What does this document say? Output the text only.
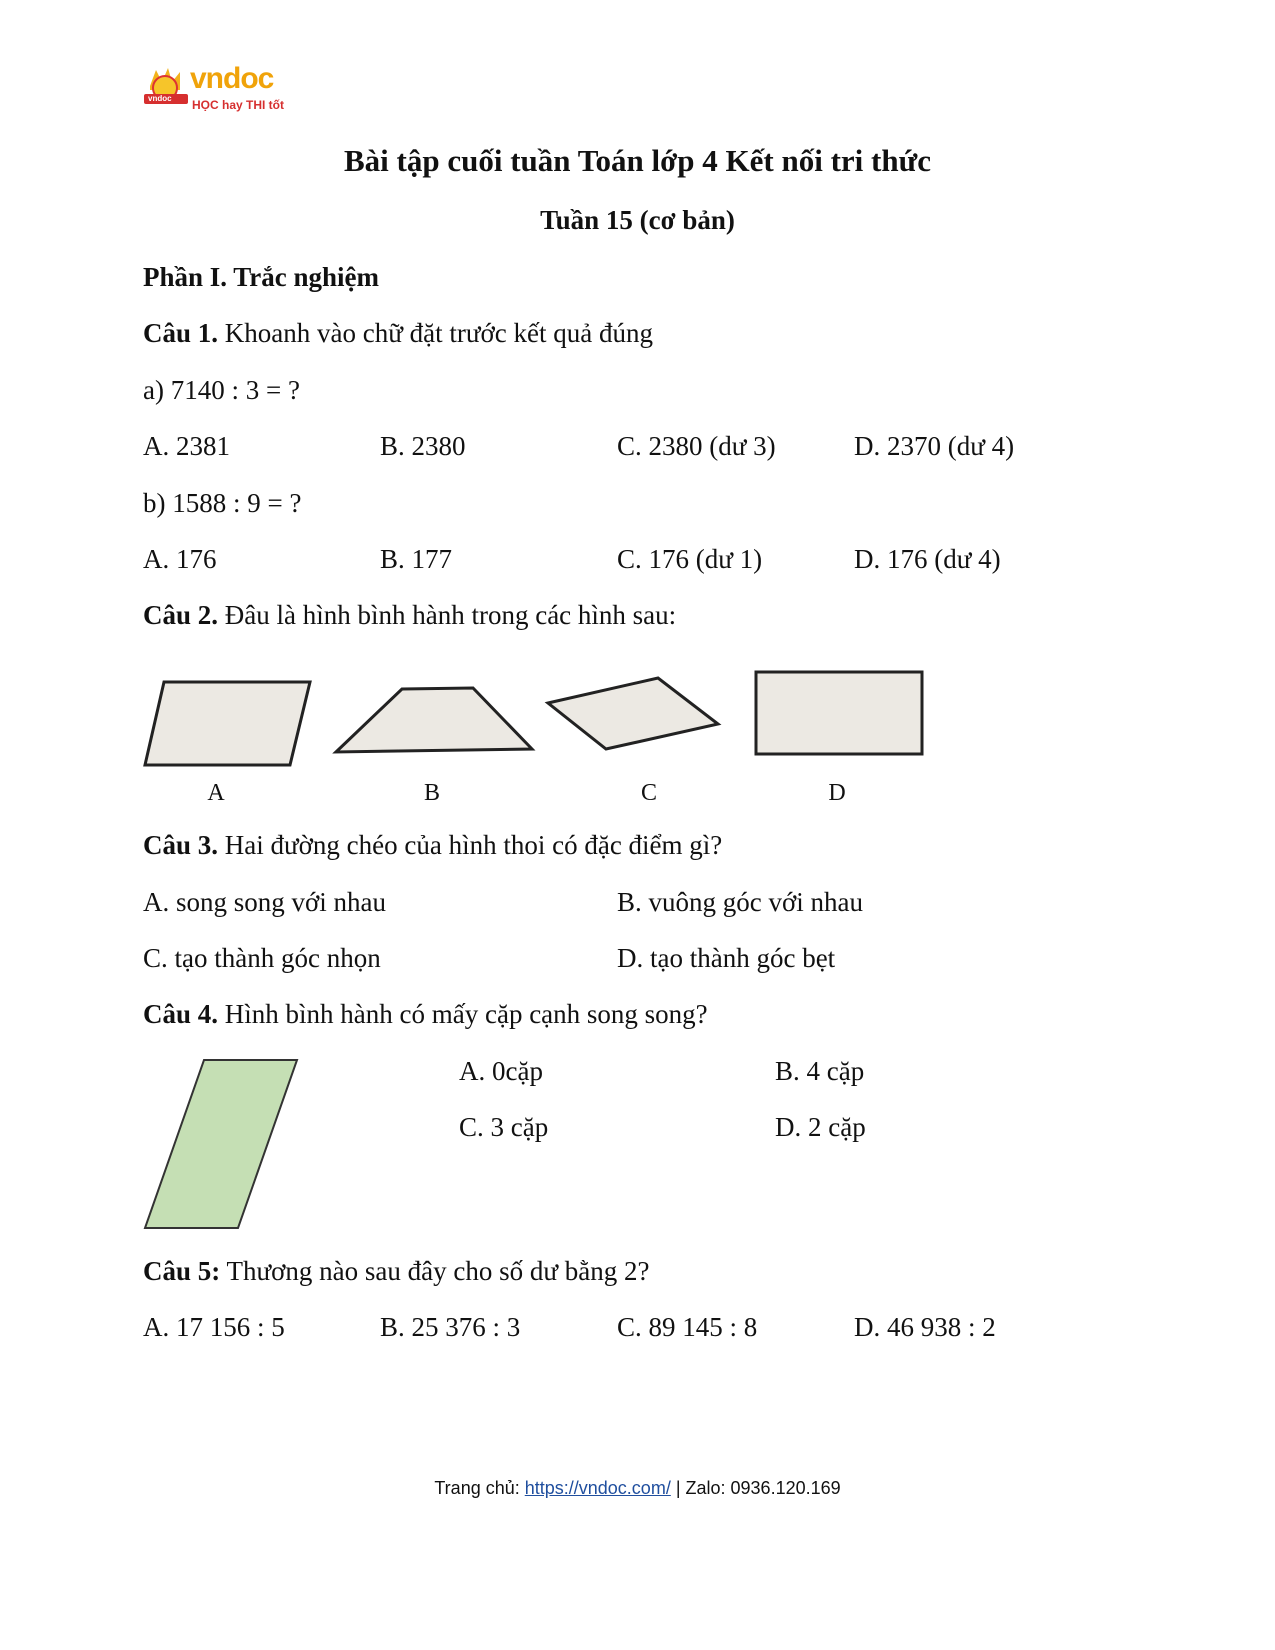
vndoc
vndoc
HỌC hay THI tốt
Bài tập cuối tuần Toán lớp 4 Kết nối tri thức
Tuần 15 (cơ bản)
Phần I. Trắc nghiệm
Câu 1. Khoanh vào chữ đặt trước kết quả đúng
a) 7140 : 3 = ?
A. 2381	B. 2380	C. 2380 (dư 3)	D. 2370 (dư 4)
b) 1588 : 9 = ?
A. 176	B. 177	C. 176 (dư 1)	D. 176 (dư 4)
Câu 2. Đâu là hình bình hành trong các hình sau:
A	B	C	D
Câu 3. Hai đường chéo của hình thoi có đặc điểm gì?
A. song song với nhau	B. vuông góc với nhau
C. tạo thành góc nhọn	D. tạo thành góc bẹt
Câu 4. Hình bình hành có mấy cặp cạnh song song?
A. 0cặp	B. 4 cặp
C. 3 cặp	D. 2 cặp
Câu 5: Thương nào sau đây cho số dư bằng 2?
A. 17 156 : 5	B. 25 376 : 3	C. 89 145 : 8	D. 46 938 : 2
Trang chủ: https://vndoc.com/ | Zalo: 0936.120.169
